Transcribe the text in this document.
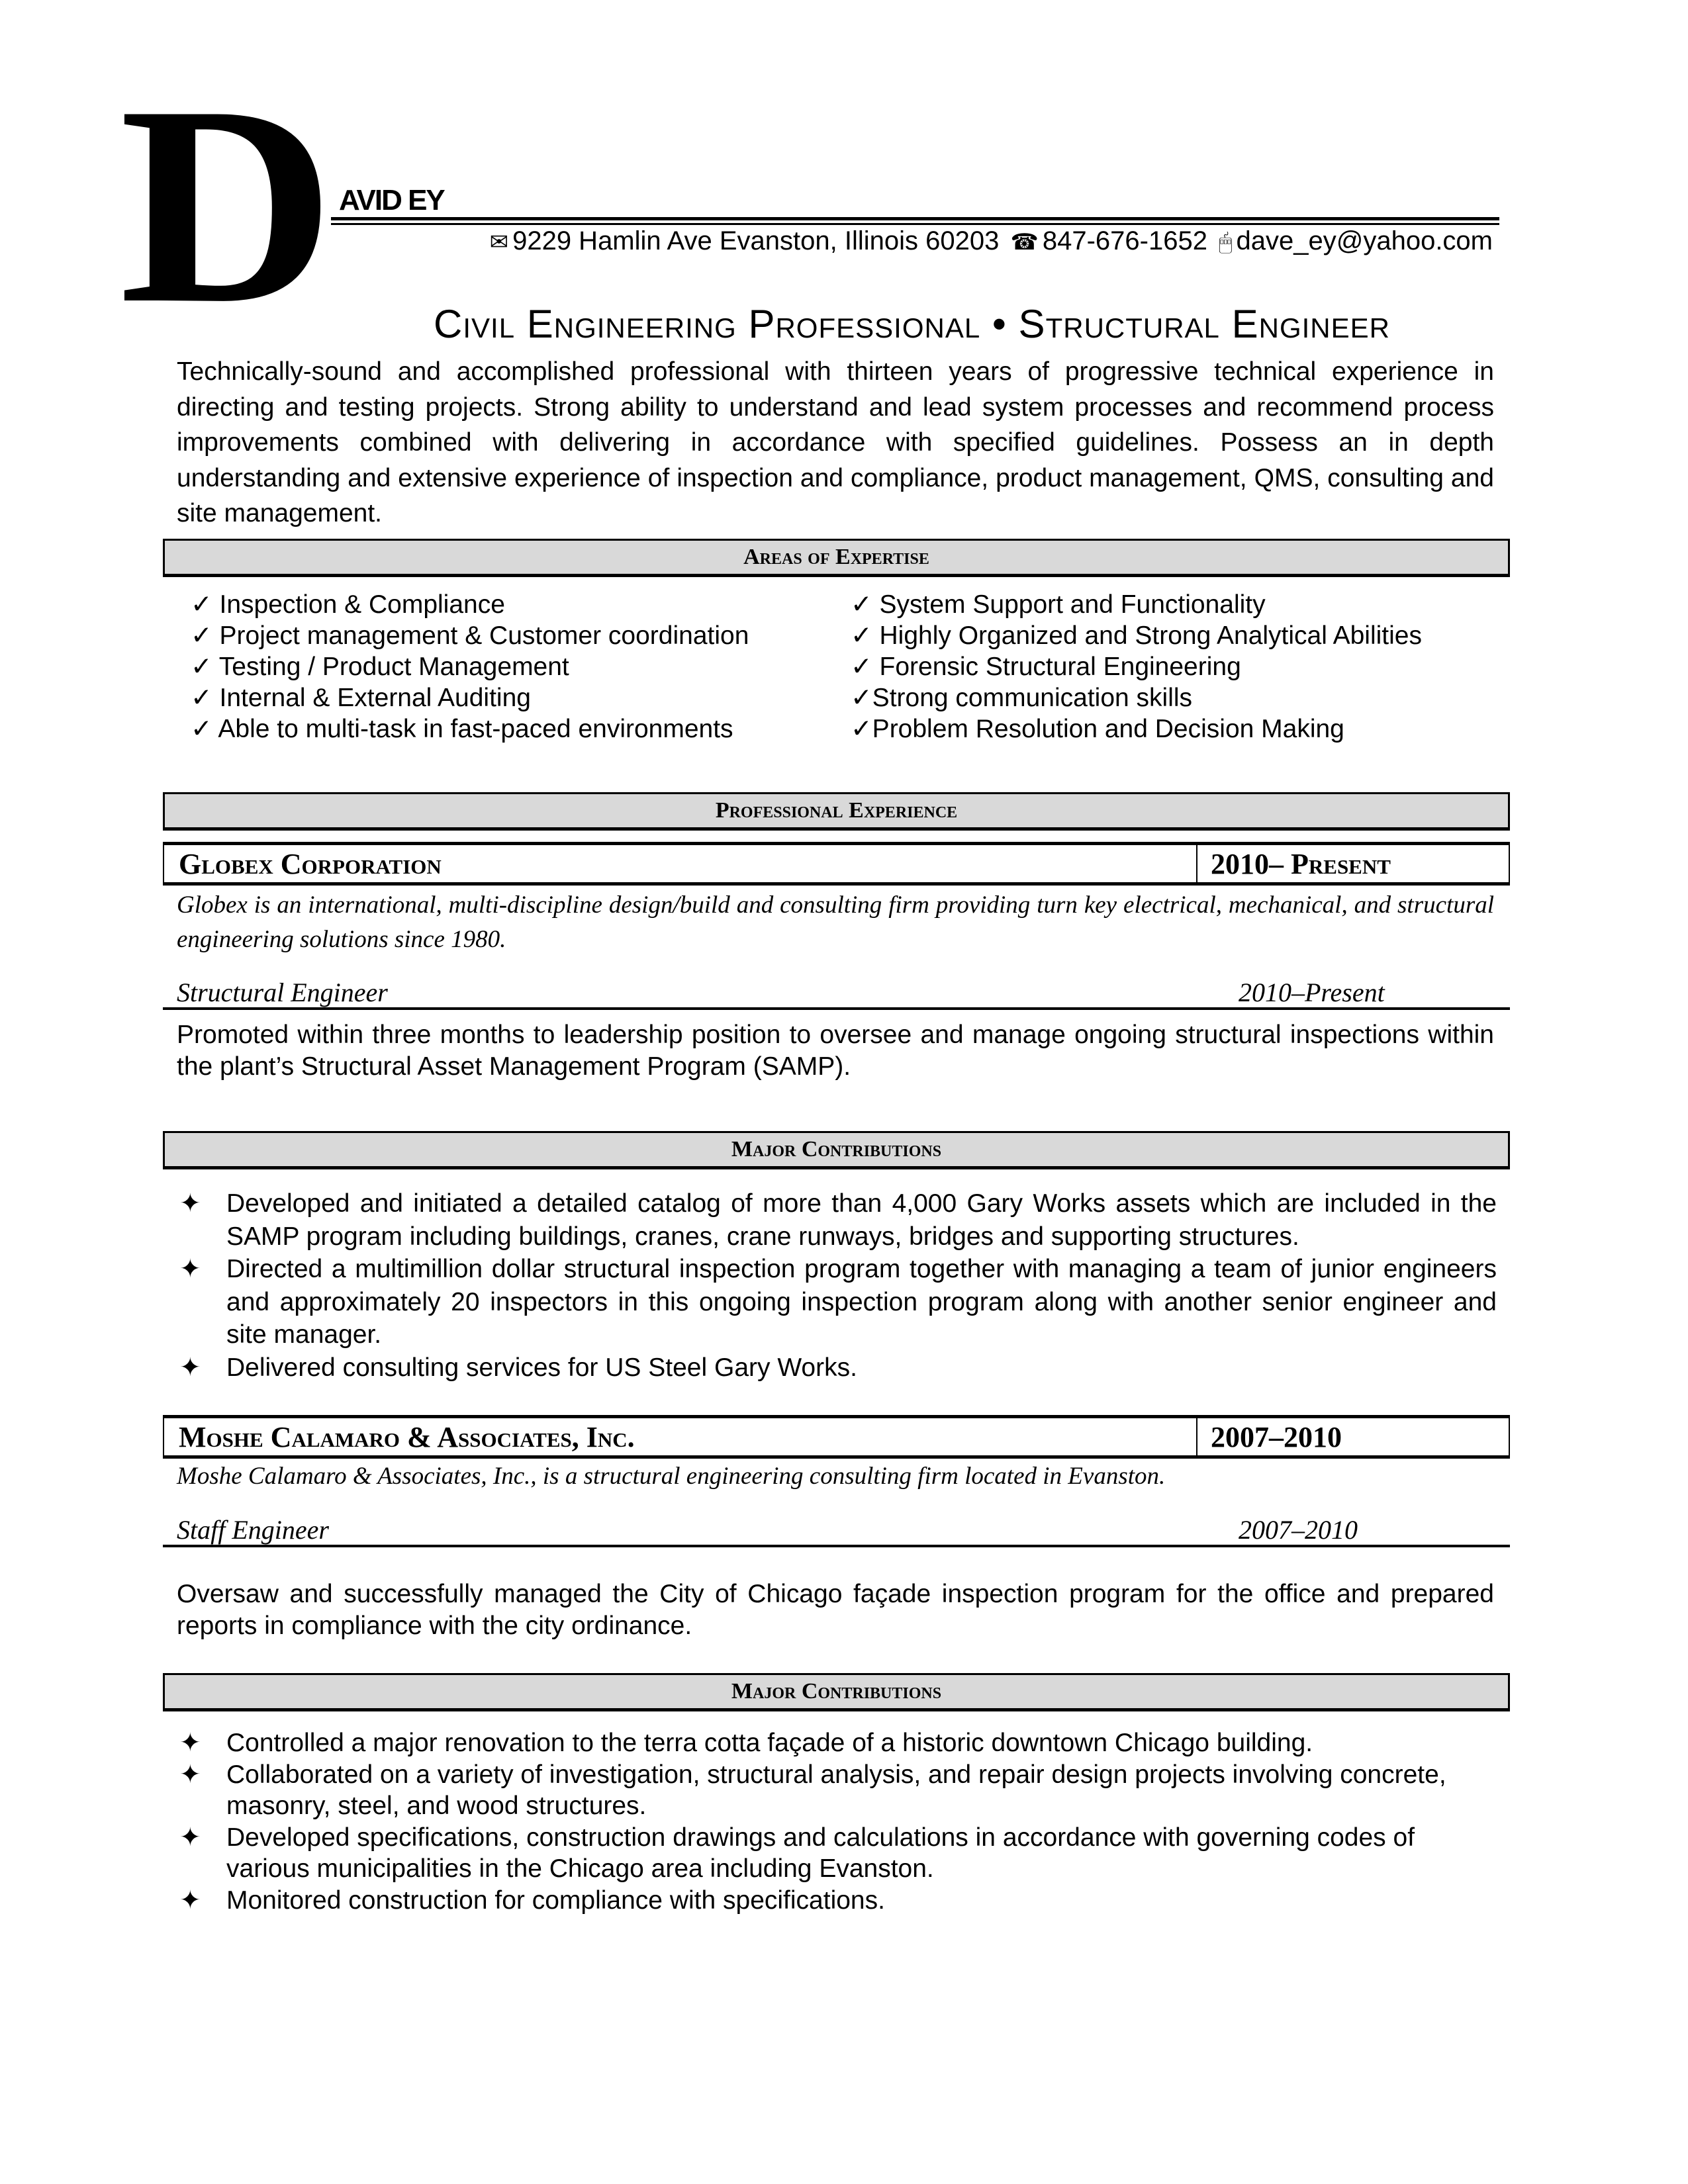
D AVID EY
✉ 9229 Hamlin Ave Evanston, Illinois 60203 ☎ 847-676-1652 🖱 dave_ey@yahoo.com
Civil Engineering Professional • Structural Engineer
Technically-sound and accomplished professional with thirteen years of progressive technical experience in directing and testing projects. Strong ability to understand and lead system processes and recommend process improvements combined with delivering in accordance with specified guidelines. Possess an in depth understanding and extensive experience of inspection and compliance, product management, QMS, consulting and site management.
Areas of Expertise
✓ Inspection & Compliance
✓ Project management & Customer coordination
✓ Testing / Product Management
✓ Internal & External Auditing
✓ Able to multi-task in fast-paced environments
✓ System Support and Functionality
✓ Highly Organized and Strong Analytical Abilities
✓ Forensic Structural Engineering
✓Strong communication skills
✓Problem Resolution and Decision Making
Professional Experience
Globex Corporation	2010– Present
Globex is an international, multi-discipline design/build and consulting firm providing turn key electrical, mechanical, and structural engineering solutions since 1980.
Structural Engineer	2010–Present
Promoted within three months to leadership position to oversee and manage ongoing structural inspections within the plant’s Structural Asset Management Program (SAMP).
Major Contributions
✦ Developed and initiated a detailed catalog of more than 4,000 Gary Works assets which are included in the SAMP program including buildings, cranes, crane runways, bridges and supporting structures.
✦ Directed a multimillion dollar structural inspection program together with managing a team of junior engineers and approximately 20 inspectors in this ongoing inspection program along with another senior engineer and site manager.
✦ Delivered consulting services for US Steel Gary Works.
Moshe Calamaro & Associates, Inc.	2007–2010
Moshe Calamaro & Associates, Inc., is a structural engineering consulting firm located in Evanston.
Staff Engineer	2007–2010
Oversaw and successfully managed the City of Chicago façade inspection program for the office and prepared reports in compliance with the city ordinance.
Major Contributions
✦ Controlled a major renovation to the terra cotta façade of a historic downtown Chicago building.
✦ Collaborated on a variety of investigation, structural analysis, and repair design projects involving concrete, masonry, steel, and wood structures.
✦ Developed specifications, construction drawings and calculations in accordance with governing codes of various municipalities in the Chicago area including Evanston.
✦ Monitored construction for compliance with specifications.
